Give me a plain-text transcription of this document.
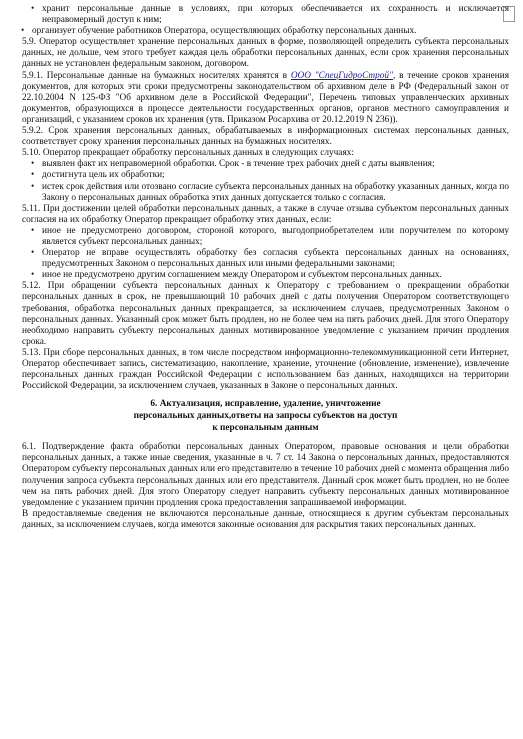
• хранит персональные данные в условиях, при которых обеспечивается их сохранность и исключается неправомерный доступ к ним;
• организует обучение работников Оператора, осуществляющих обработку персональных данных.

5.9. Оператор осуществляет хранение персональных данных в форме, позволяющей определить субъекта персональных данных, не дольше, чем этого требует каждая цель обработки персональных данных, если срок хранения персональных данных не установлен федеральным законом, договором.

5.9.1. Персональные данные на бумажных носителях хранятся в ООО "СпецГидроСтрой", в течение сроков хранения документов, для которых эти сроки предусмотрены законодательством об архивном деле в РФ (Федеральный закон от 22.10.2004 N 125-ФЗ "Об архивном деле в Российской Федерации", Перечень типовых управленческих архивных документов, образующихся в процессе деятельности государственных органов, органов местного самоуправления и организаций, с указанием сроков их хранения (утв. Приказом Росархива от 20.12.2019 N 236)).

5.9.2. Срок хранения персональных данных, обрабатываемых в информационных системах персональных данных, соответствует сроку хранения персональных данных на бумажных носителях.

5.10. Оператор прекращает обработку персональных данных в следующих случаях:

• выявлен факт их неправомерной обработки. Срок - в течение трех рабочих дней с даты выявления;
• достигнута цель их обработки;
• истек срок действия или отозвано согласие субъекта персональных данных на обработку указанных данных, когда по Закону о персональных данных обработка этих данных допускается только с согласия.

5.11. При достижении целей обработки персональных данных, а также в случае отзыва субъектом персональных данных согласия на их обработку Оператор прекращает обработку этих данных, если:

• иное не предусмотрено договором, стороной которого, выгодоприобретателем или поручителем по которому является субъект персональных данных;
• Оператор не вправе осуществлять обработку без согласия субъекта персональных данных на основаниях, предусмотренных Законом о персональных данных или иными федеральными законами;
• иное не предусмотрено другим соглашением между Оператором и субъектом персональных данных.

5.12. При обращении субъекта персональных данных к Оператору с требованием о прекращении обработки персональных данных в срок, не превышающий 10 рабочих дней с даты получения Оператором соответствующего требования, обработка персональных данных прекращается, за исключением случаев, предусмотренных Законом о персональных данных. Указанный срок может быть продлен, но не более чем на пять рабочих дней. Для этого Оператору необходимо направить субъекту персональных данных мотивированное уведомление с указанием причин продления срока.

5.13. При сборе персональных данных, в том числе посредством информационно-телекоммуникационной сети Интернет, Оператор обеспечивает запись, систематизацию, накопление, хранение, уточнение (обновление, изменение), извлечение персональных данных граждан Российской Федерации с использованием баз данных, находящихся на территории Российской Федерации, за исключением случаев, указанных в Законе о персональных данных.

6. Актуализация, исправление, удаление, уничтожение
персональных данных,ответы на запросы субъектов на доступ
к персональным данным

6.1. Подтверждение факта обработки персональных данных Оператором, правовые основания и цели обработки персональных данных, а также иные сведения, указанные в ч. 7 ст. 14 Закона о персональных данных, предоставляются Оператором субъекту персональных данных или его представителю в течение 10 рабочих дней с момента обращения либо получения запроса субъекта персональных данных или его представителя. Данный срок может быть продлен, но не более чем на пять рабочих дней. Для этого Оператору следует направить субъекту персональных данных мотивированное уведомление с указанием причин продления срока предоставления запрашиваемой информации.

В предоставляемые сведения не включаются персональные данные, относящиеся к другим субъектам персональных данных, за исключением случаев, когда имеются законные основания для раскрытия таких персональных данных.
